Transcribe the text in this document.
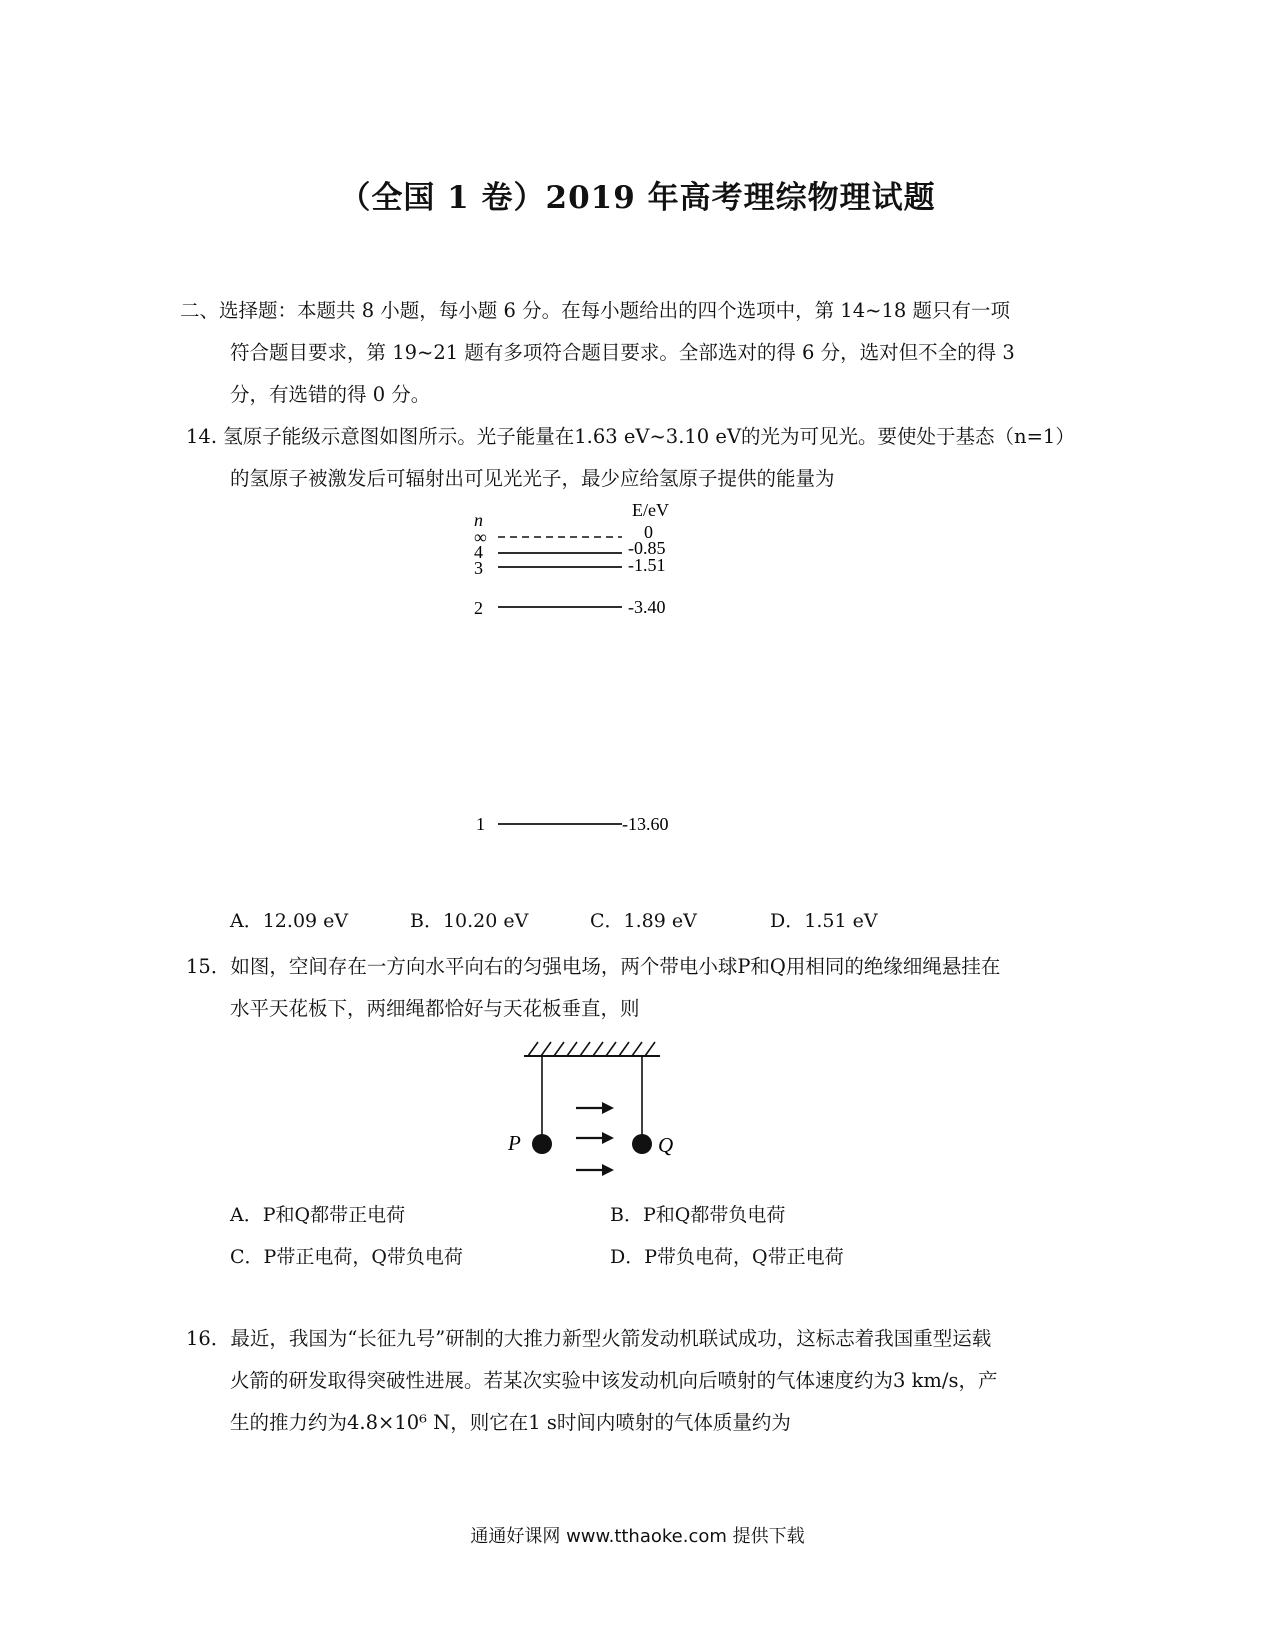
（全国 1 卷）2019 年高考理综物理试题
二、选择题：本题共 8 小题，每小题 6 分。在每小题给出的四个选项中，第 14~18 题只有一项
符合题目要求，第 19~21 题有多项符合题目要求。全部选对的得 6 分，选对但不全的得 3
分，有选错的得 0 分。
14. 氢原子能级示意图如图所示。光子能量在1.63 eV~3.10 eV的光为可见光。要使处于基态（n=1）
的氢原子被激发后可辐射出可见光光子，最少应给氢原子提供的能量为
n	E/eV
∞	0
4	-0.85
3	-1.51
2	-3.40
1	-13.60
A．12.09 eV	B．10.20 eV	C．1.89 eV	D．1.51 eV
15．如图，空间存在一方向水平向右的匀强电场，两个带电小球P和Q用相同的绝缘细绳悬挂在
水平天花板下，两细绳都恰好与天花板垂直，则
P	Q
A．P和Q都带正电荷	B．P和Q都带负电荷
C．P带正电荷，Q带负电荷	D．P带负电荷，Q带正电荷
16．最近，我国为“长征九号”研制的大推力新型火箭发动机联试成功，这标志着我国重型运载
火箭的研发取得突破性进展。若某次实验中该发动机向后喷射的气体速度约为3 km/s，产
生的推力约为4.8×10⁶ N，则它在1 s时间内喷射的气体质量约为
通通好课网 www.tthaoke.com 提供下载
